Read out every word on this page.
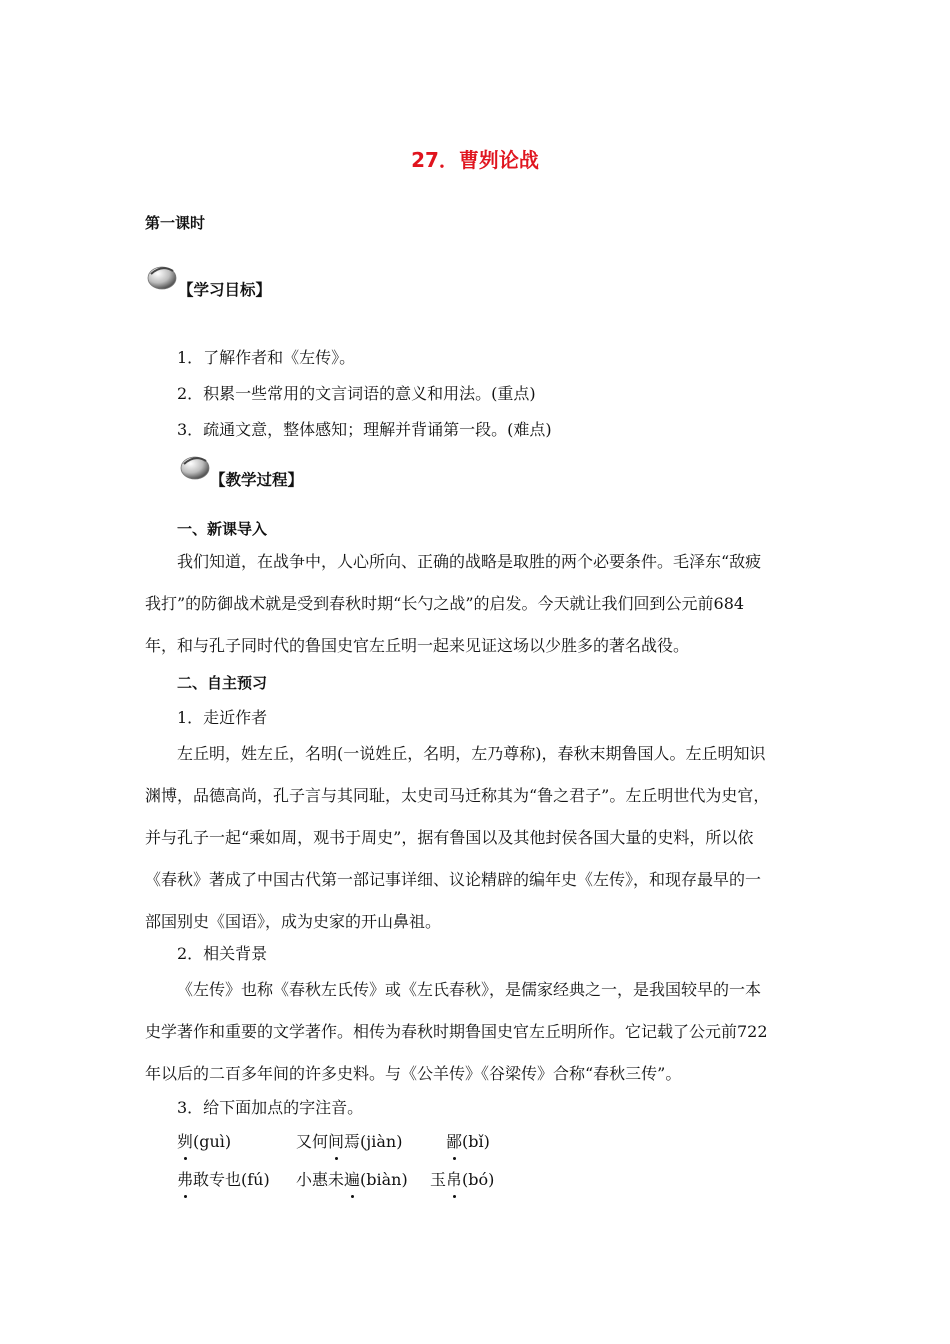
27．曹刿论战
第一课时
【学习目标】
1．了解作者和《左传》。
2．积累一些常用的文言词语的意义和用法。(重点)
3．疏通文意，整体感知；理解并背诵第一段。(难点)
【教学过程】
一、新课导入
我们知道，在战争中，人心所向、正确的战略是取胜的两个必要条件。毛泽东“敌疲
我打”的防御战术就是受到春秋时期“长勺之战”的启发。今天就让我们回到公元前684
年，和与孔子同时代的鲁国史官左丘明一起来见证这场以少胜多的著名战役。
二、自主预习
1．走近作者
左丘明，姓左丘，名明(一说姓丘，名明，左乃尊称)，春秋末期鲁国人。左丘明知识
渊博，品德高尚，孔子言与其同耻，太史司马迁称其为“鲁之君子”。左丘明世代为史官，
并与孔子一起“乘如周，观书于周史”，据有鲁国以及其他封侯各国大量的史料，所以依
《春秋》著成了中国古代第一部记事详细、议论精辟的编年史《左传》，和现存最早的一
部国别史《国语》，成为史家的开山鼻祖。
2．相关背景
《左传》也称《春秋左氏传》或《左氏春秋》，是儒家经典之一，是我国较早的一本
史学著作和重要的文学著作。相传为春秋时期鲁国史官左丘明所作。它记载了公元前722
年以后的二百多年间的许多史料。与《公羊传》《谷梁传》合称“春秋三传”。
3．给下面加点的字注音。
刿(guì)	又何间焉(jiàn)	鄙(bǐ)
弗敢专也(fú) 小惠未遍(biàn) 玉帛(bó)
